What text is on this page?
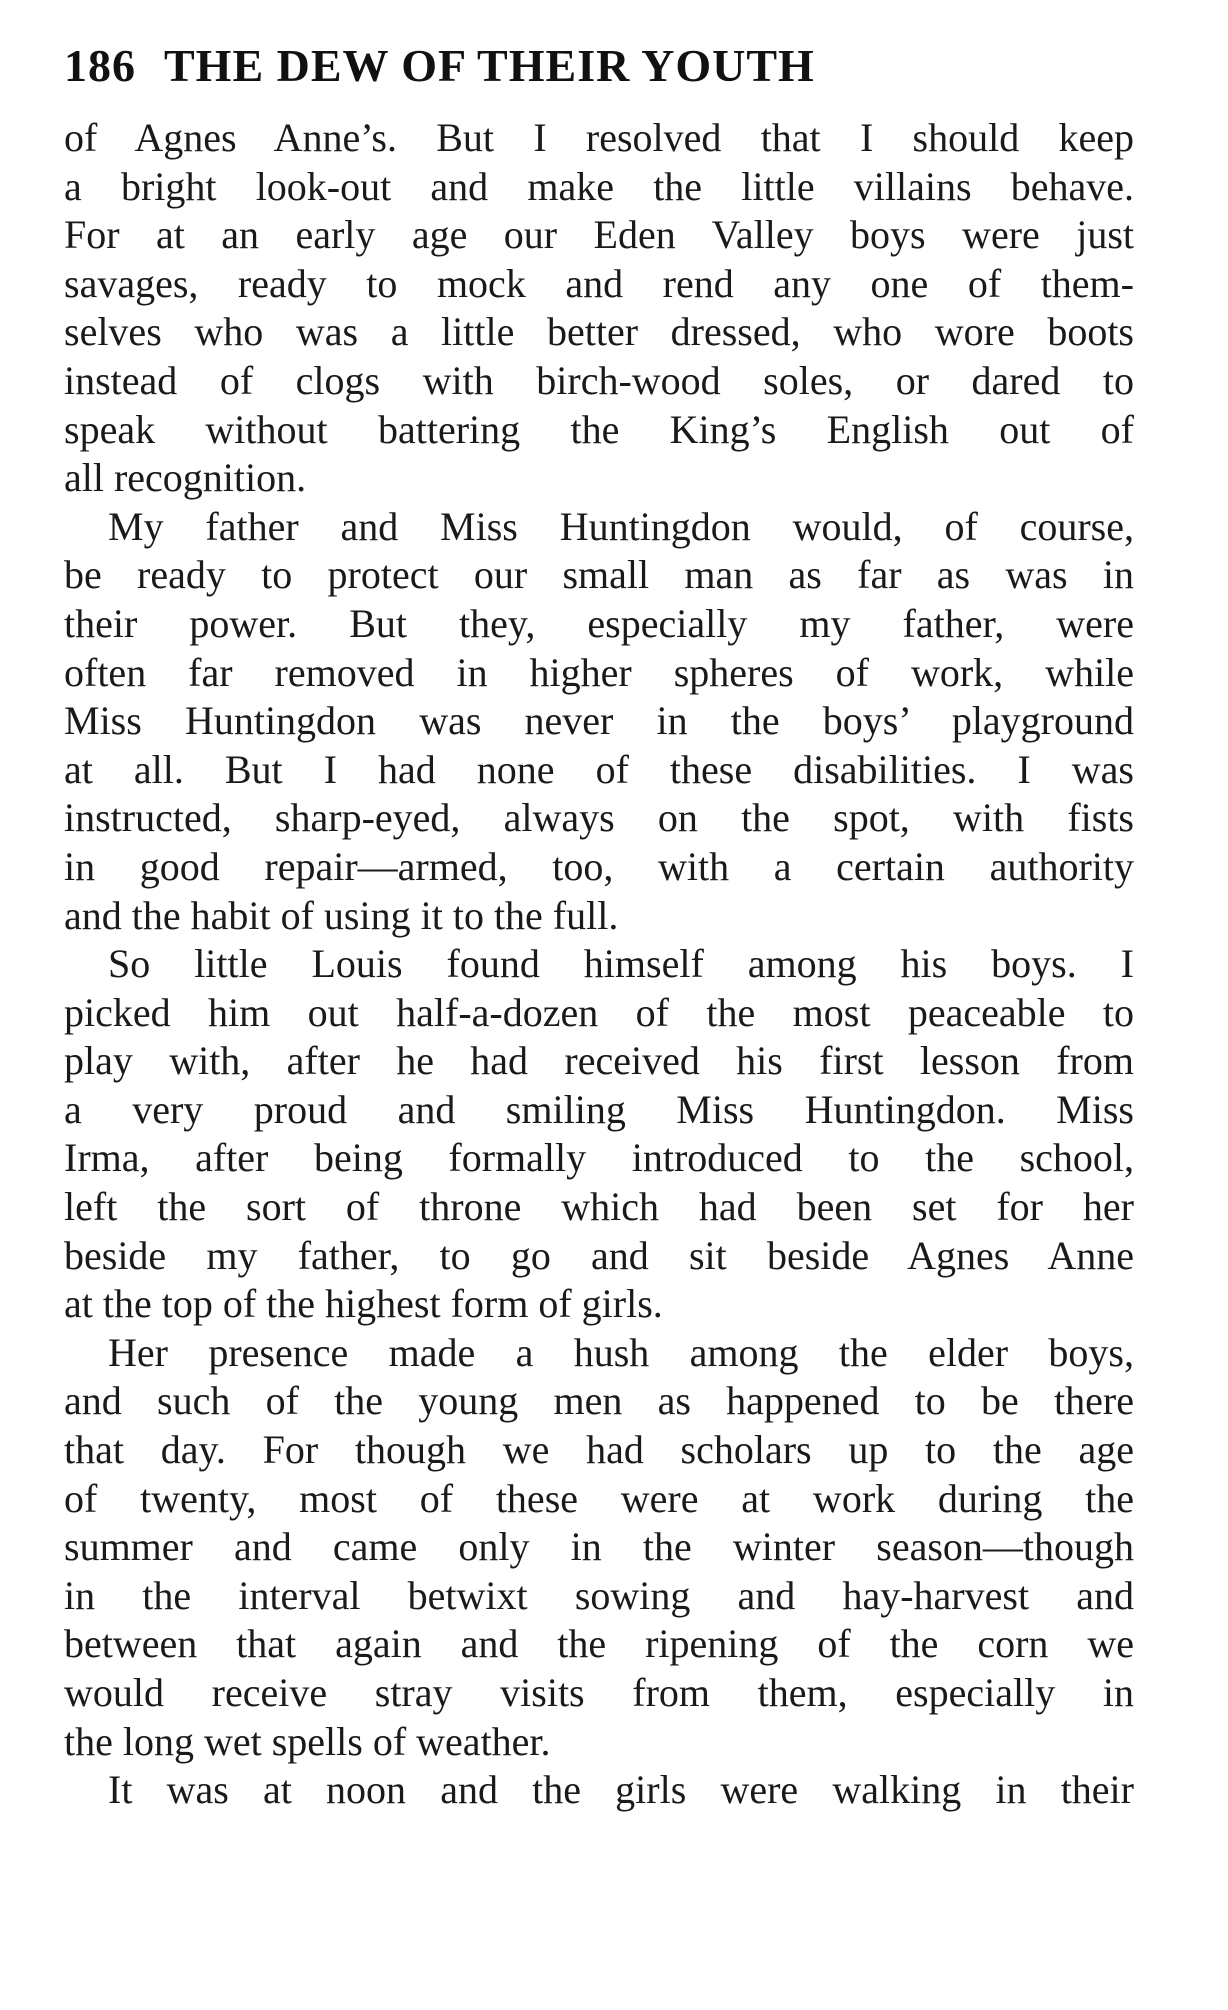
186 THE DEW OF THEIR YOUTH
of Agnes Anne’s. But I resolved that I should keep
a bright look-out and make the little villains behave.
For at an early age our Eden Valley boys were just
savages, ready to mock and rend any one of them-
selves who was a little better dressed, who wore boots
instead of clogs with birch-wood soles, or dared to
speak without battering the King’s English out of
all recognition.
My father and Miss Huntingdon would, of course,
be ready to protect our small man as far as was in
their power. But they, especially my father, were
often far removed in higher spheres of work, while
Miss Huntingdon was never in the boys’ playground
at all. But I had none of these disabilities. I was
instructed, sharp-eyed, always on the spot, with fists
in good repair—armed, too, with a certain authority
and the habit of using it to the full.
So little Louis found himself among his boys. I
picked him out half-a-dozen of the most peaceable to
play with, after he had received his first lesson from
a very proud and smiling Miss Huntingdon. Miss
Irma, after being formally introduced to the school,
left the sort of throne which had been set for her
beside my father, to go and sit beside Agnes Anne
at the top of the highest form of girls.
Her presence made a hush among the elder boys,
and such of the young men as happened to be there
that day. For though we had scholars up to the age
of twenty, most of these were at work during the
summer and came only in the winter season—though
in the interval betwixt sowing and hay-harvest and
between that again and the ripening of the corn we
would receive stray visits from them, especially in
the long wet spells of weather.
It was at noon and the girls were walking in their
